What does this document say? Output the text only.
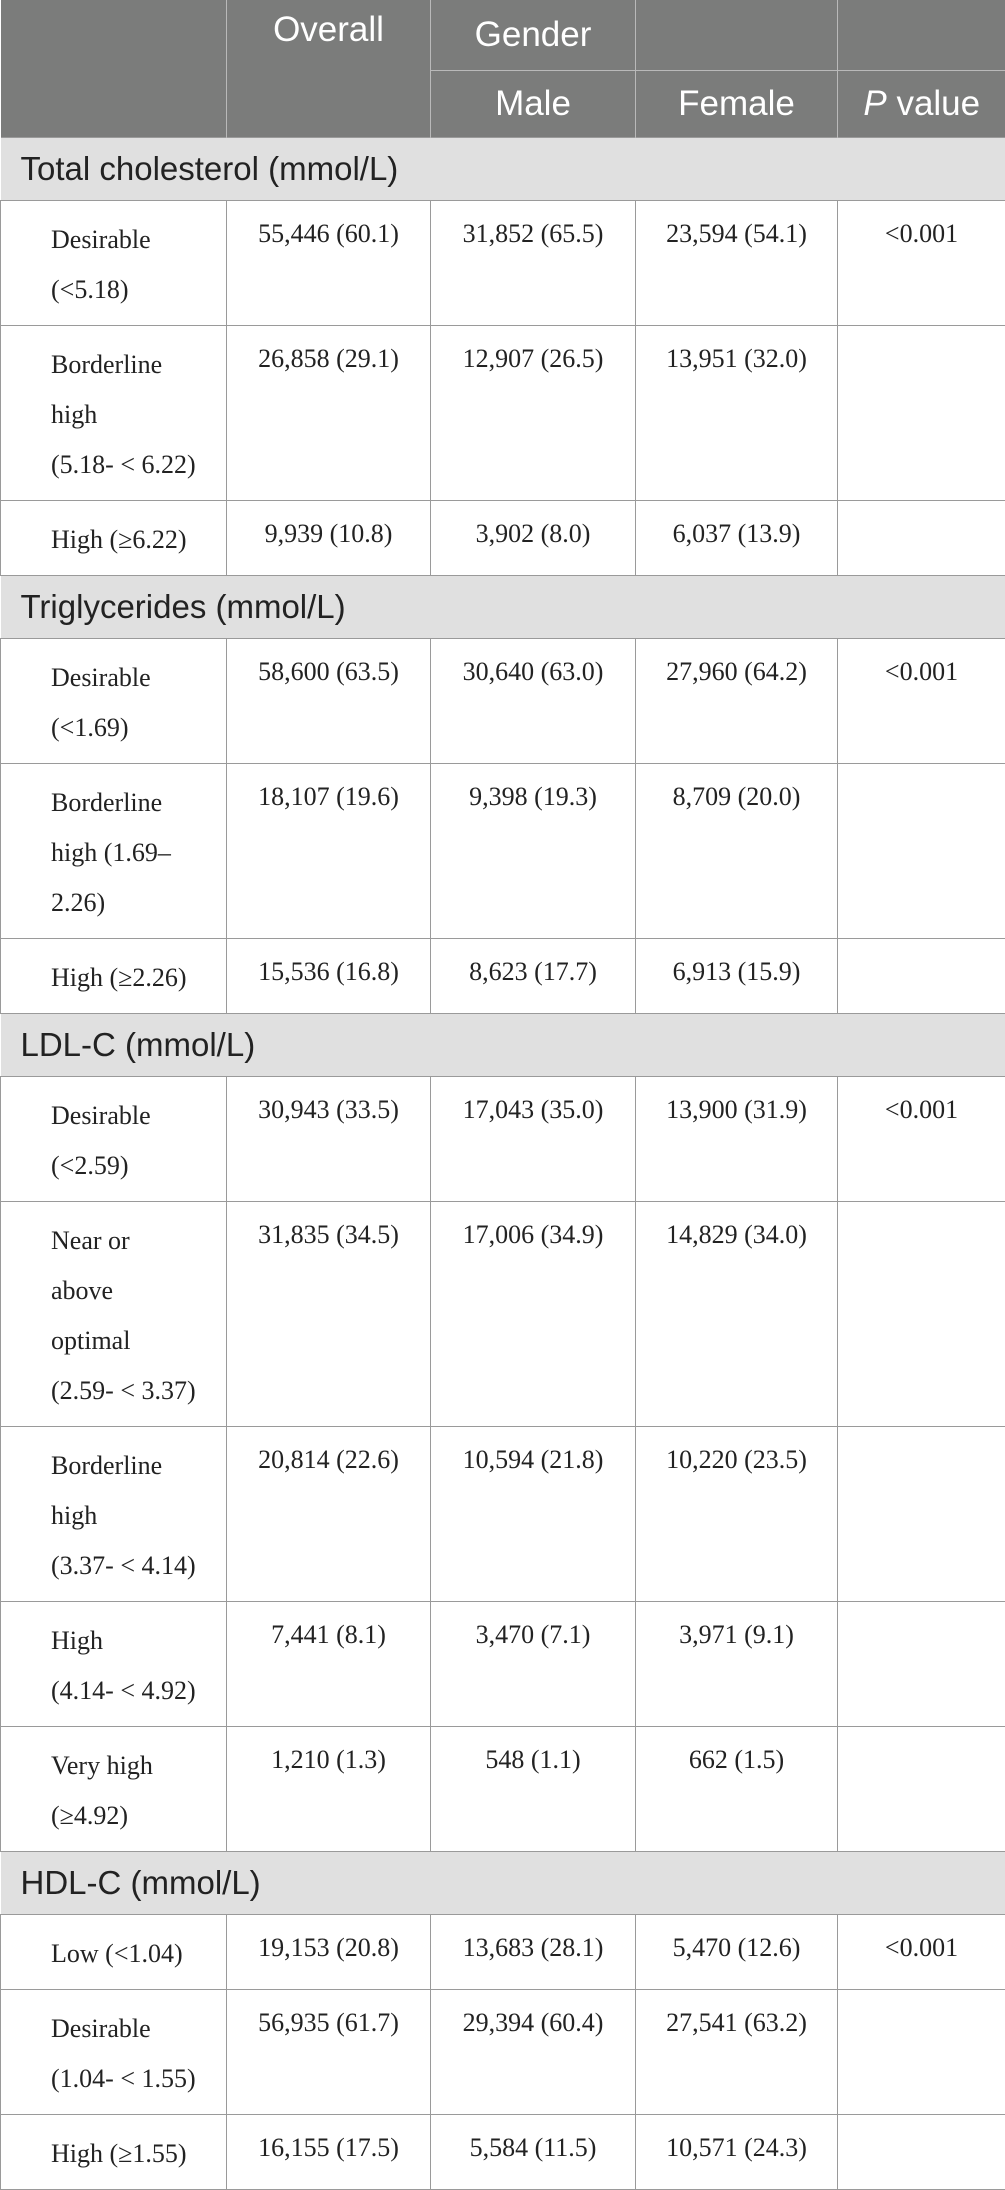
	Overall	Gender		
		Male	Female	P value
Total cholesterol (mmol/L)				

Desirable
(<5.18)	55,446 (60.1)	31,852 (65.5)	23,594 (54.1)	<0.001

Borderline
high
(5.18- < 6.22)	26,858 (29.1)	12,907 (26.5)	13,951 (32.0)	

High (≥6.22)	9,939 (10.8)	3,902 (8.0)	6,037 (13.9)	

Triglycerides (mmol/L)				

Desirable
(<1.69)	58,600 (63.5)	30,640 (63.0)	27,960 (64.2)	<0.001

Borderline
high (1.69–
2.26)	18,107 (19.6)	9,398 (19.3)	8,709 (20.0)	

High (≥2.26)	15,536 (16.8)	8,623 (17.7)	6,913 (15.9)	

LDL-C (mmol/L)				

Desirable
(<2.59)	30,943 (33.5)	17,043 (35.0)	13,900 (31.9)	<0.001

Near or
above
optimal
(2.59- < 3.37)	31,835 (34.5)	17,006 (34.9)	14,829 (34.0)	

Borderline
high
(3.37- < 4.14)	20,814 (22.6)	10,594 (21.8)	10,220 (23.5)	

High
(4.14- < 4.92)	7,441 (8.1)	3,470 (7.1)	3,971 (9.1)	

Very high
(≥4.92)	1,210 (1.3)	548 (1.1)	662 (1.5)	

HDL-C (mmol/L)				

Low (<1.04)	19,153 (20.8)	13,683 (28.1)	5,470 (12.6)	<0.001

Desirable
(1.04- < 1.55)	56,935 (61.7)	29,394 (60.4)	27,541 (63.2)	

High (≥1.55)	16,155 (17.5)	5,584 (11.5)	10,571 (24.3)	
